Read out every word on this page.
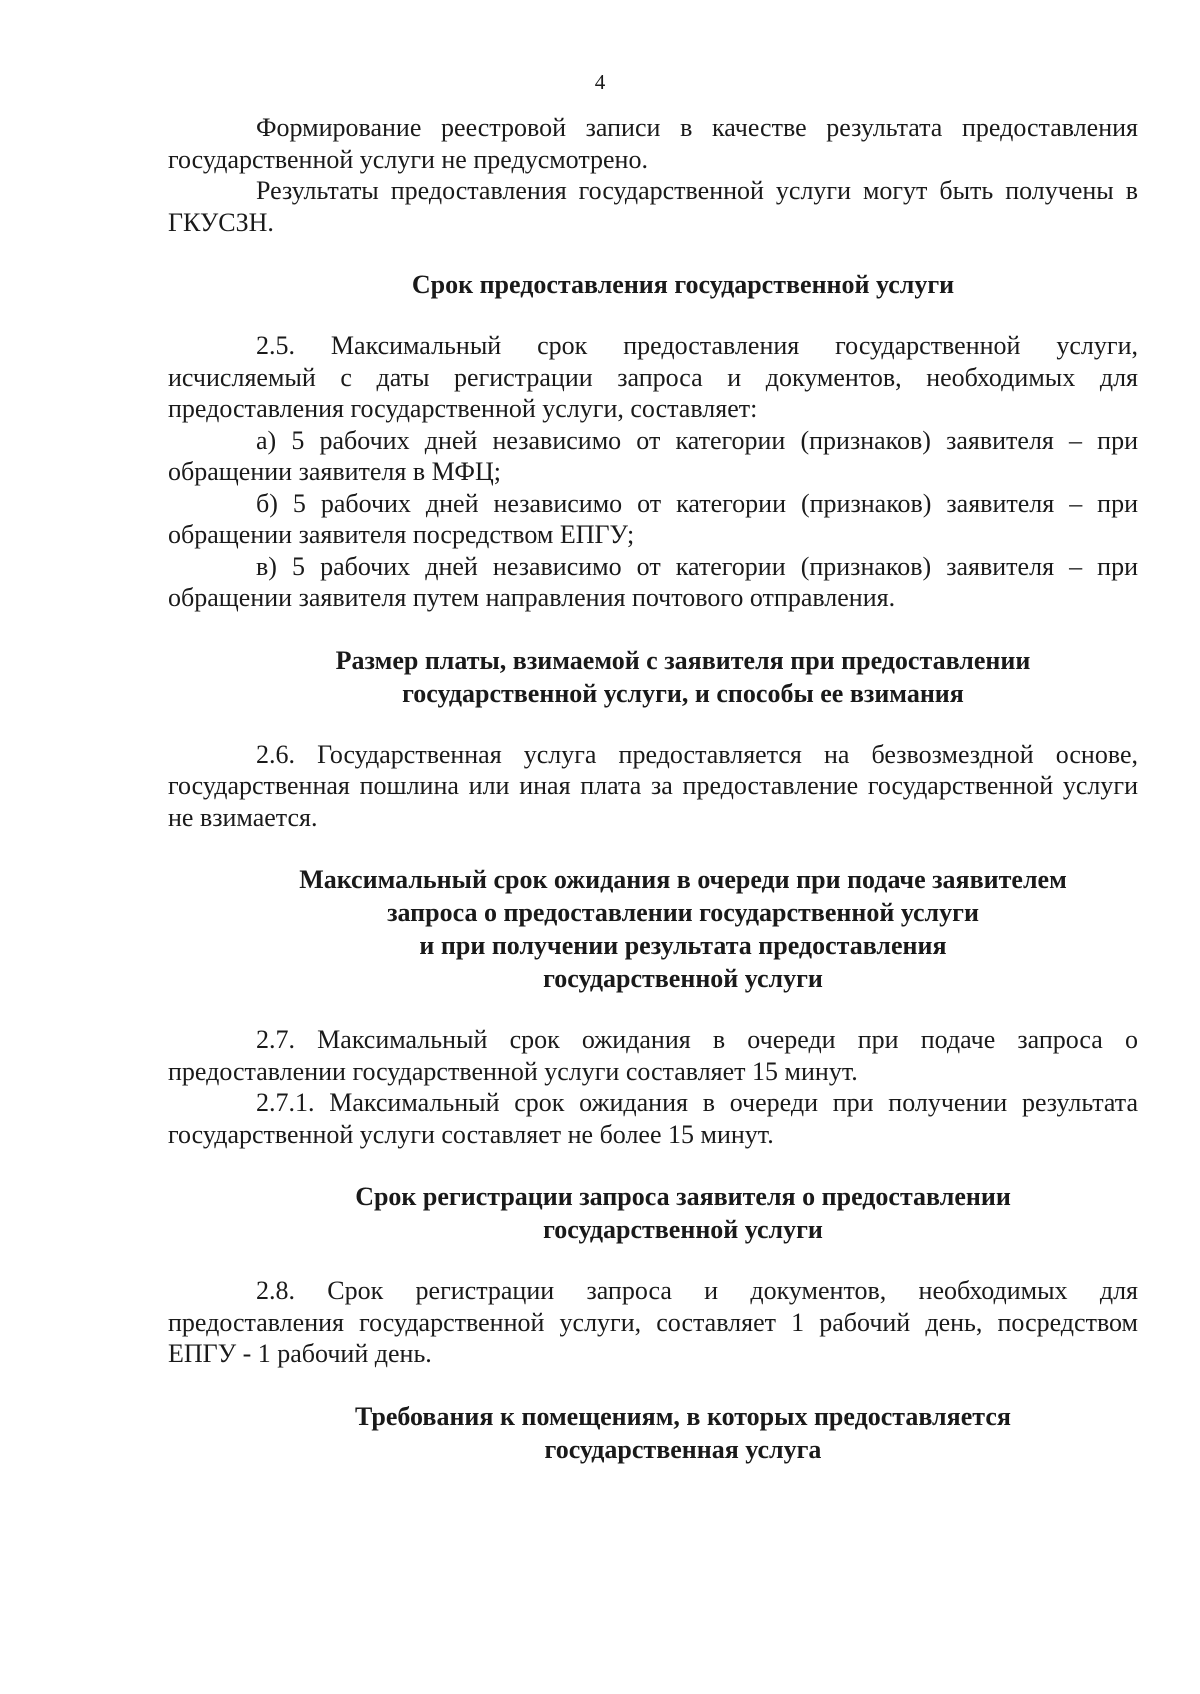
4

Формирование реестровой записи в качестве результата предоставления государственной услуги не предусмотрено.

Результаты предоставления государственной услуги могут быть получены в ГКУСЗН.

Срок предоставления государственной услуги

2.5. Максимальный срок предоставления государственной услуги, исчисляемый с даты регистрации запроса и документов, необходимых для предоставления государственной услуги, составляет:

а) 5 рабочих дней независимо от категории (признаков) заявителя – при обращении заявителя в МФЦ;

б) 5 рабочих дней независимо от категории (признаков) заявителя – при обращении заявителя посредством ЕПГУ;

в) 5 рабочих дней независимо от категории (признаков) заявителя – при обращении заявителя путем направления почтового отправления.

Размер платы, взимаемой с заявителя при предоставлении
государственной услуги, и способы ее взимания

2.6. Государственная услуга предоставляется на безвозмездной основе, государственная пошлина или иная плата за предоставление государственной услуги не взимается.

Максимальный срок ожидания в очереди при подаче заявителем
запроса о предоставлении государственной услуги
и при получении результата предоставления
государственной услуги

2.7. Максимальный срок ожидания в очереди при подаче запроса о предоставлении государственной услуги составляет 15 минут.

2.7.1. Максимальный срок ожидания в очереди при получении результата государственной услуги составляет не более 15 минут.

Срок регистрации запроса заявителя о предоставлении
государственной услуги

2.8. Срок регистрации запроса и документов, необходимых для предоставления государственной услуги, составляет 1 рабочий день, посредством ЕПГУ - 1 рабочий день.

Требования к помещениям, в которых предоставляется
государственная услуга
